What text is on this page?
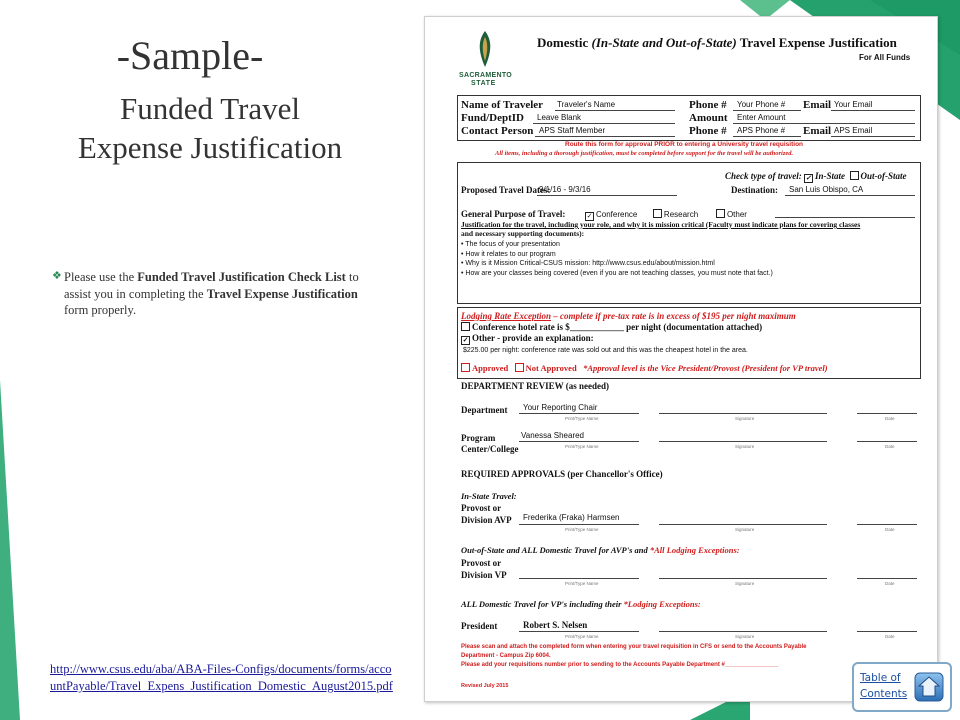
-Sample-
Funded Travel
Expense Justification
❖ Please use the Funded Travel Justification Check List to assist you in completing the Travel Expense Justification form properly.
http://www.csus.edu/aba/ABA-Files-Configs/documents/forms/accountPayable/Travel_Expens_Justification_Domestic_August2015.pdf
SACRAMENTO
STATE
Domestic (In-State and Out-of-State) Travel Expense Justification
For All Funds
Name of Traveler Traveler's Name	Phone # Your Phone # Email Your Email
Fund/DeptID Leave Blank	Amount Enter Amount
Contact Person APS Staff Member	Phone # APS Phone # Email APS Email
Route this form for approval PRIOR to entering a University travel requisition
All items, including a thorough justification, must be completed before support for the travel will be authorized.
Check type of travel: ✓ In-State Out-of-State
Proposed Travel Dates:
9/1/16 - 9/3/16	Destination: San Luis Obispo, CA
General Purpose of Travel:	✓ Conference	Research	Other
Justification for the travel, including your role, and why it is mission critical (Faculty must indicate plans for covering classes
and necessary supporting documents):
• The focus of your presentation
• How it relates to our program
• Why is it Mission Critical-CSUS mission: http://www.csus.edu/about/mission.html
• How are your classes being covered (even if you are not teaching classes, you must note that fact.)
Lodging Rate Exception – complete if pre-tax rate is in excess of $195 per night maximum
Conference hotel rate is $____________ per night (documentation attached)
✓ Other - provide an explanation:
$225.00 per night: conference rate was sold out and this was the cheapest hotel in the area.
Approved Not Approved *Approval level is the Vice President/Provost (President for VP travel)
DEPARTMENT REVIEW (as needed)
Department Your Reporting Chair
Print/Type Name	Signature	Date
Program
Center/College
Vanessa Sheared
Print/Type Name	Signature	Date
REQUIRED APPROVALS (per Chancellor's Office)
In-State Travel:
Provost or
Division AVP Frederika (Fraka) Harmsen
Print/Type Name	Signature	Date
Out-of-State and ALL Domestic Travel for AVP's and *All Lodging Exceptions:
Provost or
Division VP
Print/Type Name	Signature	Date
ALL Domestic Travel for VP's including their *Lodging Exceptions:
President	Robert S. Nelsen
Print/Type Name	Signature	Date
Please scan and attach the completed form when entering your travel requisition in CFS or send to the Accounts Payable
Department - Campus Zip 6004.
Please add your requisitions number prior to sending to the Accounts Payable Department #________________
Revised July 2015
Table of
Contents
